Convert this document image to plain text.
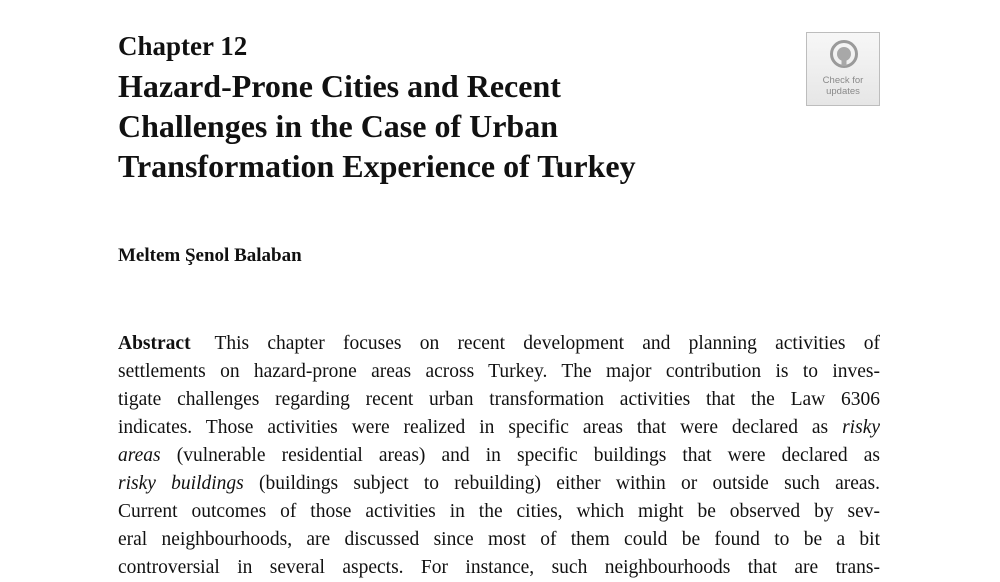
Chapter 12
Hazard-Prone Cities and Recent
Challenges in the Case of Urban
Transformation Experience of Turkey
Check for
updates
Meltem Şenol Balaban
Abstract This chapter focuses on recent development and planning activities of
settlements on hazard-prone areas across Turkey. The major contribution is to inves-
tigate challenges regarding recent urban transformation activities that the Law 6306
indicates. Those activities were realized in specific areas that were declared as risky
areas (vulnerable residential areas) and in specific buildings that were declared as
risky buildings (buildings subject to rebuilding) either within or outside such areas.
Current outcomes of those activities in the cities, which might be observed by sev-
eral neighbourhoods, are discussed since most of them could be found to be a bit
controversial in several aspects. For instance, such neighbourhoods that are trans-
